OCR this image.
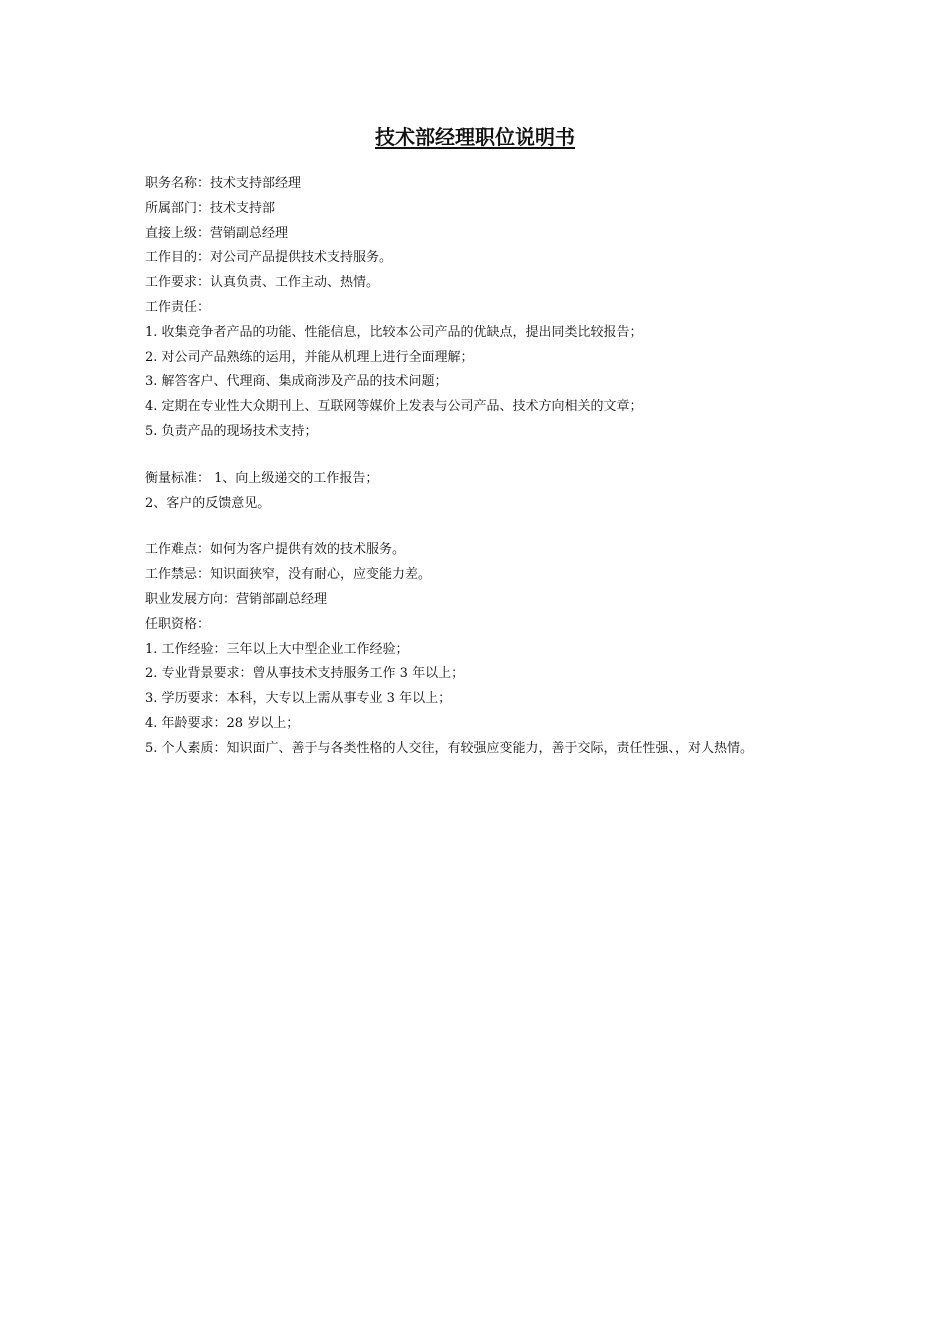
技术部经理职位说明书
职务名称：技术支持部经理
所属部门：技术支持部
直接上级：营销副总经理
工作目的：对公司产品提供技术支持服务。
工作要求：认真负责、工作主动、热情。
工作责任：
1. 收集竞争者产品的功能、性能信息，比较本公司产品的优缺点，提出同类比较报告；
2. 对公司产品熟练的运用，并能从机理上进行全面理解；
3. 解答客户、代理商、集成商涉及产品的技术问题；
4. 定期在专业性大众期刊上、互联网等媒价上发表与公司产品、技术方向相关的文章；
5. 负责产品的现场技术支持；
衡量标准： 1、向上级递交的工作报告；
2、客户的反馈意见。
工作难点：如何为客户提供有效的技术服务。
工作禁忌：知识面狭窄，没有耐心，应变能力差。
职业发展方向：营销部副总经理
任职资格：
1. 工作经验：三年以上大中型企业工作经验；
2. 专业背景要求：曾从事技术支持服务工作 3 年以上；
3. 学历要求：本科，大专以上需从事专业 3 年以上；
4. 年龄要求：28 岁以上；
5. 个人素质：知识面广、善于与各类性格的人交往，有较强应变能力，善于交际，责任性强、，对人热情。
